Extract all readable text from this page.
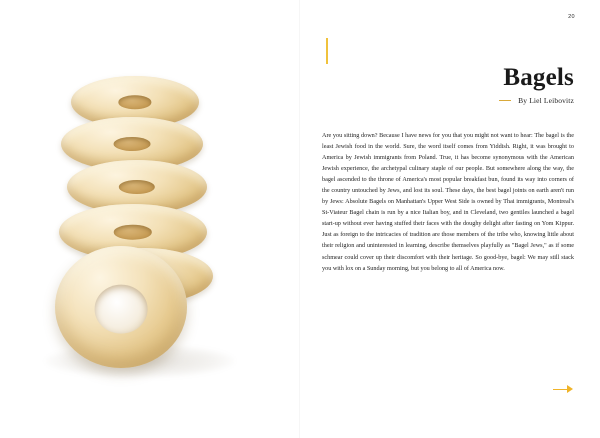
20
Bagels
By Liel Leibovitz
Are you sitting down? Because I have news for you that you might not want to hear: The bagel is the least Jewish food in the world. Sure, the word itself comes from Yiddish. Right, it was brought to America by Jewish immigrants from Poland. True, it has become synonymous with the American Jewish experience, the archetypal culinary staple of our people. But somewhere along the way, the bagel ascended to the throne of America's most popular breakfast bun, found its way into corners of the country untouched by Jews, and lost its soul. These days, the best bagel joints on earth aren't run by Jews: Absolute Bagels on Manhattan's Upper West Side is owned by Thai immigrants, Montreal's St-Viateur Bagel chain is run by a nice Italian boy, and in Cleveland, two gentiles launched a bagel start-up without ever having stuffed their faces with the doughy delight after fasting on Yom Kippur. Just as foreign to the intricacies of tradition are those members of the tribe who, knowing little about their religion and uninterested in learning, describe themselves playfully as "Bagel Jews," as if some schmear could cover up their discomfort with their heritage. So good-bye, bagel: We may still stack you with lox on a Sunday morning, but you belong to all of America now.
